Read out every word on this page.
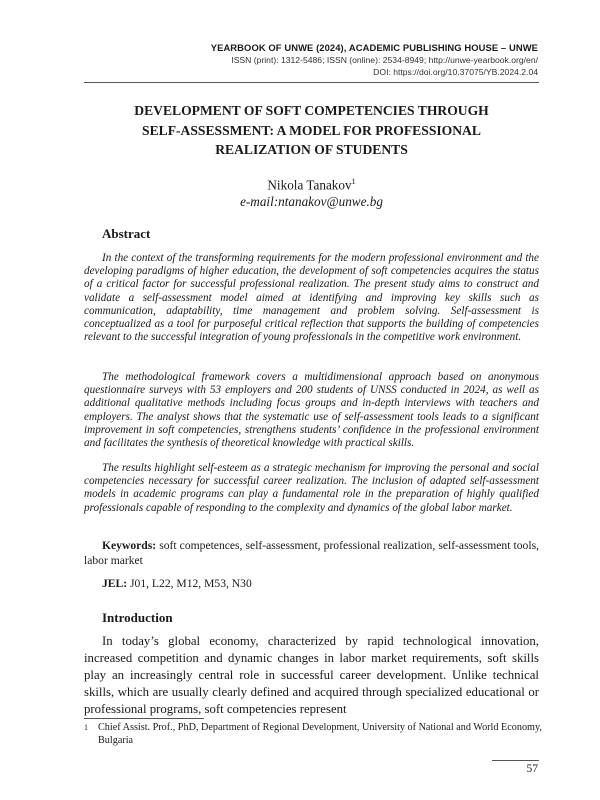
YEARBOOK OF UNWE (2024), ACADEMIC PUBLISHING HOUSE – UNWE
ISSN (print): 1312-5486; ISSN (online): 2534-8949; http://unwe-yearbook.org/en/
DOI: https://doi.org/10.37075/YB.2024.2.04
DEVELOPMENT OF SOFT COMPETENCIES THROUGH
SELF-ASSESSMENT: A MODEL FOR PROFESSIONAL
REALIZATION OF STUDENTS
Nikola Tanakov$^1$
e-mail:ntanakov@unwe.bg
Abstract

In the context of the transforming requirements for the modern professional environment and the developing paradigms of higher education, the development of soft competencies acquires the status of a critical factor for successful professional realization. The present study aims to construct and validate a self-assessment model aimed at identifying and improving key skills such as communication, adaptability, time management and problem solving. Self-assessment is conceptualized as a tool for purposeful critical reflection that supports the building of competencies relevant to the successful integration of young professionals in the competitive work environment.

The methodological framework covers a multidimensional approach based on anonymous questionnaire surveys with 53 employers and 200 students of UNSS conducted in 2024, as well as additional qualitative methods including focus groups and in-depth interviews with teachers and employers. The analyst shows that the systematic use of self-assessment tools leads to a significant improvement in soft competencies, strengthens students’ confidence in the professional environment and facilitates the synthesis of theoretical knowledge with practical skills.

The results highlight self-esteem as a strategic mechanism for improving the personal and social competencies necessary for successful career realization. The inclusion of adapted self-assessment models in academic programs can play a fundamental role in the preparation of highly qualified professionals capable of responding to the complexity and dynamics of the global labor market.

Keywords: soft competences, self-assessment, professional realization, self-assessment tools, labor market

JEL: J01, L22, M12, M53, N30
Introduction

In today’s global economy, characterized by rapid technological innovation, increased competition and dynamic changes in labor market requirements, soft skills play an increasingly central role in successful career development. Unlike technical skills, which are usually clearly defined and acquired through specialized educational or professional programs, soft competencies represent

1 Chief Assist. Prof., PhD, Department of Regional Development, University of National and World Economy, Bulgaria

57
